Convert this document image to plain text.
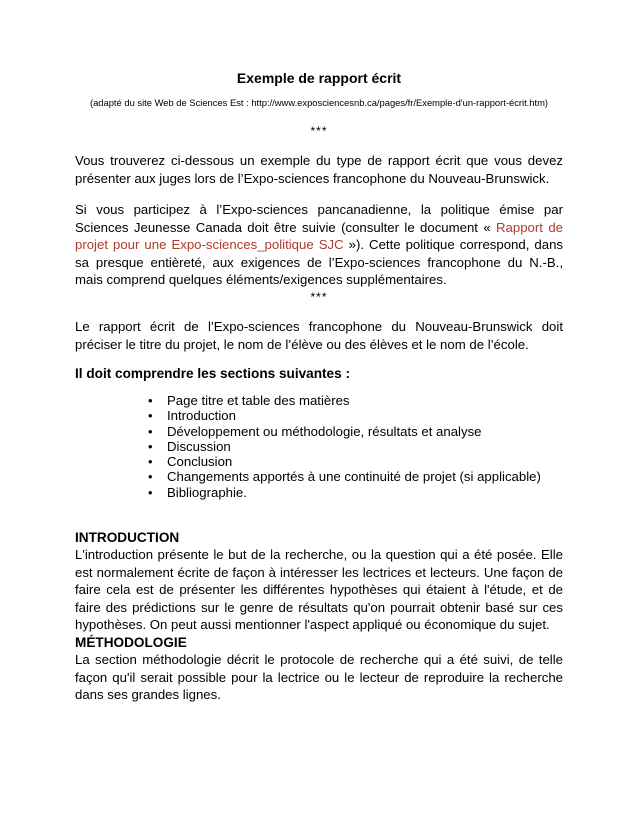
Exemple de rapport écrit
(adapté du site Web de Sciences Est : http://www.exposciencesnb.ca/pages/fr/Exemple-d'un-rapport-écrit.htm)
***

Vous trouverez ci-dessous un exemple du type de rapport écrit que vous devez présenter aux juges lors de l’Expo-sciences francophone du Nouveau-Brunswick.

Si vous participez à l’Expo-sciences pancanadienne, la politique émise par Sciences Jeunesse Canada doit être suivie (consulter le document « Rapport de projet pour une Expo-sciences_politique SJC »). Cette politique correspond, dans sa presque entièreté, aux exigences de l’Expo-sciences francophone du N.-B., mais comprend quelques éléments/exigences supplémentaires.

***

Le rapport écrit de l’Expo-sciences francophone du Nouveau-Brunswick doit préciser le titre du projet, le nom de l’élève ou des élèves et le nom de l’école.

Il doit comprendre les sections suivantes :
• Page titre et table des matières
• Introduction
• Développement ou méthodologie, résultats et analyse
• Discussion
• Conclusion
• Changements apportés à une continuité de projet (si applicable)
• Bibliographie.
INTRODUCTION

L'introduction présente le but de la recherche, ou la question qui a été posée. Elle est normalement écrite de façon à intéresser les lectrices et lecteurs. Une façon de faire cela est de présenter les différentes hypothèses qui étaient à l'étude, et de faire des prédictions sur le genre de résultats qu'on pourrait obtenir basé sur ces hypothèses. On peut aussi mentionner l'aspect appliqué ou économique du sujet.

MÉTHODOLOGIE

La section méthodologie décrit le protocole de recherche qui a été suivi, de telle façon qu'il serait possible pour la lectrice ou le lecteur de reproduire la recherche dans ses grandes lignes.
